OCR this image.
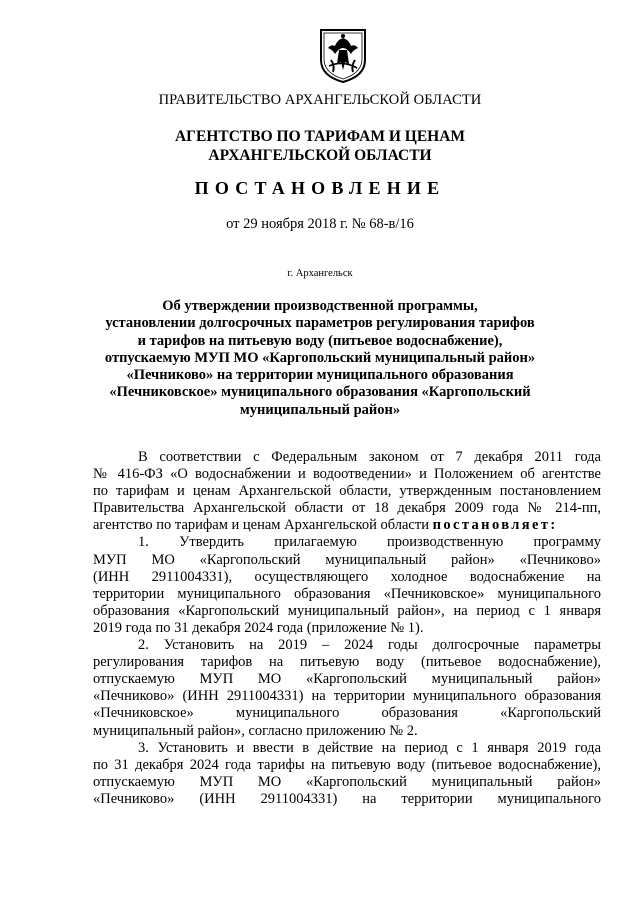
ПРАВИТЕЛЬСТВО АРХАНГЕЛЬСКОЙ ОБЛАСТИ
АГЕНТСТВО ПО ТАРИФАМ И ЦЕНАМ
АРХАНГЕЛЬСКОЙ ОБЛАСТИ
ПОСТАНОВЛЕНИЕ
от 29 ноября 2018 г. № 68-в/16
г. Архангельск
Об утверждении производственной программы,
установлении долгосрочных параметров регулирования тарифов
и тарифов на питьевую воду (питьевое водоснабжение),
отпускаемую МУП МО «Каргопольский муниципальный район»
«Печниково» на территории муниципального образования
«Печниковское» муниципального образования «Каргопольский
муниципальный район»
В соответствии с Федеральным законом от 7 декабря 2011 года
№ 416-ФЗ «О водоснабжении и водоотведении» и Положением об агентстве
по тарифам и ценам Архангельской области, утвержденным постановлением
Правительства Архангельской области от 18 декабря 2009 года № 214-пп,
агентство по тарифам и ценам Архангельской области постановляет:
1. Утвердить прилагаемую производственную программу
МУП МО «Каргопольский муниципальный район» «Печниково»
(ИНН 2911004331), осуществляющего холодное водоснабжение на
территории муниципального образования «Печниковское» муниципального
образования «Каргопольский муниципальный район», на период с 1 января
2019 года по 31 декабря 2024 года (приложение № 1).
2. Установить на 2019 – 2024 годы долгосрочные параметры
регулирования тарифов на питьевую воду (питьевое водоснабжение),
отпускаемую МУП МО «Каргопольский муниципальный район»
«Печниково» (ИНН 2911004331) на территории муниципального образования
«Печниковское» муниципального образования «Каргопольский
муниципальный район», согласно приложению № 2.
3. Установить и ввести в действие на период с 1 января 2019 года
по 31 декабря 2024 года тарифы на питьевую воду (питьевое водоснабжение),
отпускаемую МУП МО «Каргопольский муниципальный район»
«Печниково» (ИНН 2911004331) на территории муниципального
